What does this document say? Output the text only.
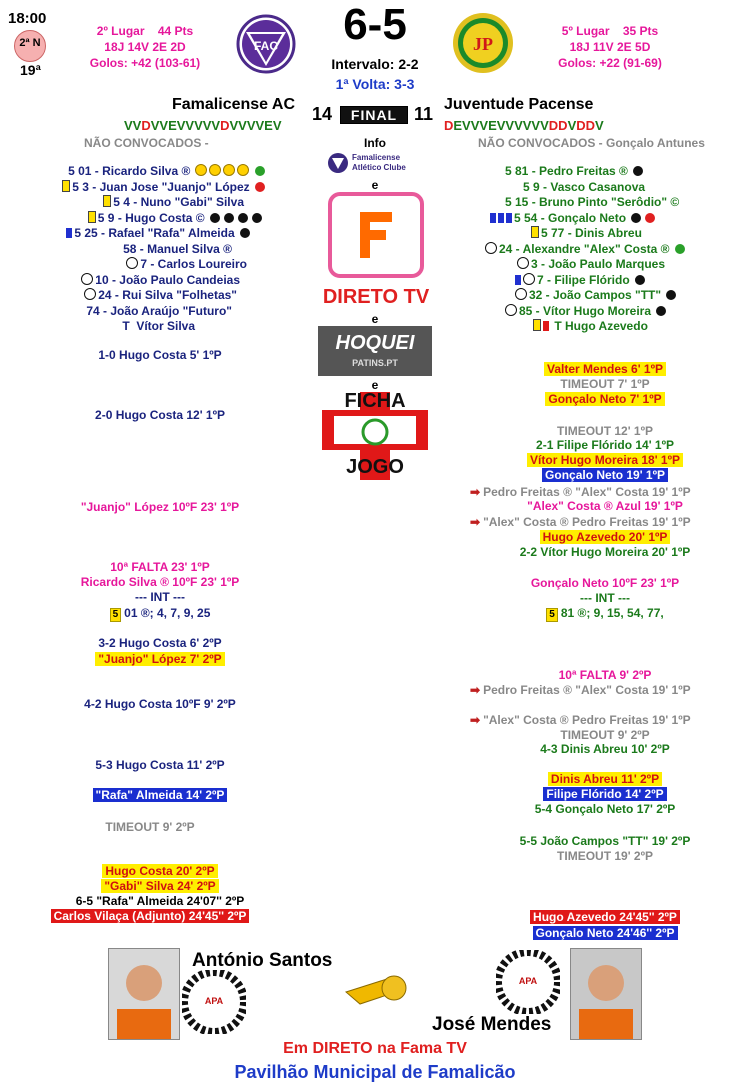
18:00
2ª N
19ª
2º Lugar 44 Pts
18J 14V 2E 2D
Golos: +42 (103-61)
FAC	6-5
Intervalo: 2-2
1ª Volta: 3-3
JP
5º Lugar 35 Pts
18J 11V 2E 5D
Golos: +22 (91-69)
Famalicense AC 14	FINAL 11 Juventude Pacense
VVDVVEVVVVVDVVVVEV	DEVVVEVVVVVVDDVDDV
NÃO CONVOCADOS -	Info	NÃO CONVOCADOS - Gonçalo Antunes
5 01 - Ricardo Silva ®
5 3 - Juan Jose "Juanjo" López
5 4 - Nuno "Gabi" Silva
5 9 - Hugo Costa ©
5 25 - Rafael "Rafa" Almeida
58 - Manuel Silva ®
7 - Carlos Loureiro
10 - João Paulo Candeias
24 - Rui Silva "Folhetas"
74 - João Araújo "Futuro"
T  Vítor Silva
Famalicense Atlético Clube
e
DIRETO TV
e
HOQUEI
PATINS.PT
e
FICHA
JOGO
5 81 - Pedro Freitas ®
5 9 - Vasco Casanova
5 15 - Bruno Pinto "Serôdio" ©
5 54 - Gonçalo Neto
5 77 - Dinis Abreu
24 - Alexandre "Alex" Costa ®
3 - João Paulo Marques
7 - Filipe Flórido
32 - João Campos "TT"
85 - Vítor Hugo Moreira
T Hugo Azevedo
1-0 Hugo Costa 5' 1ºP
2-0 Hugo Costa 12' 1ºP
"Juanjo" López 10ºF 23' 1ºP
10ª FALTA 23' 1ºP
Ricardo Silva ® 10ºF 23' 1ºP
--- INT ---
5 01 ®; 4, 7, 9, 25
3-2 Hugo Costa 6' 2ºP
"Juanjo" López 7' 2ºP
4-2 Hugo Costa 10ºF 9' 2ºP
5-3 Hugo Costa 11' 2ºP
"Rafa" Almeida 14' 2ºP
TIMEOUT 9' 2ºP
Hugo Costa 20' 2ºP
"Gabi" Silva 24' 2ºP
6-5 "Rafa" Almeida 24'07'' 2ºP
Carlos Vilaça (Adjunto) 24'45'' 2ºP
Valter Mendes 6' 1ºP
TIMEOUT 7' 1ºP
Gonçalo Neto 7' 1ºP
TIMEOUT 12' 1ºP
2-1 Filipe Flórido 14' 1ºP
Vítor Hugo Moreira 18' 1ºP
Gonçalo Neto 19' 1ºP
➡ Pedro Freitas ® "Alex" Costa 19' 1ºP
"Alex" Costa ® Azul 19' 1ºP
➡ "Alex" Costa ® Pedro Freitas 19' 1ºP
Hugo Azevedo 20' 1ºP
2-2 Vítor Hugo Moreira 20' 1ºP
Gonçalo Neto 10ºF 23' 1ºP
--- INT ---
5 81 ®; 9, 15, 54, 77,
10ª FALTA 9' 2ºP
➡ Pedro Freitas ® "Alex" Costa 19' 1ºP
➡ "Alex" Costa ® Pedro Freitas 19' 1ºP
TIMEOUT 9' 2ºP
4-3 Dinis Abreu 10' 2ºP
Dinis Abreu 11' 2ºP
Filipe Flórido 14' 2ºP
5-4 Gonçalo Neto 17' 2ºP
5-5 João Campos "TT" 19' 2ºP
TIMEOUT 19' 2ºP
Hugo Azevedo 24'45'' 2ºP
Gonçalo Neto 24'46'' 2ºP
APA
António Santos
APA
José Mendes
Em DIRETO na Fama TV
Pavilhão Municipal de Famalicão
